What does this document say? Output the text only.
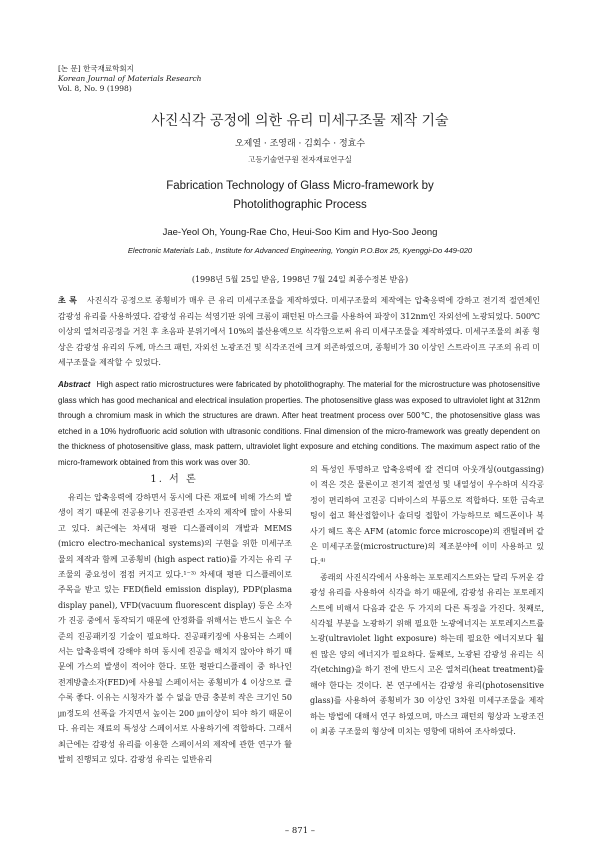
[논 문] 한국재료학회지
Korean Journal of Materials Research
Vol. 8, No. 9 (1998)
사진식각 공정에 의한 유리 미세구조물 제작 기술
오제열 · 조영래 · 김회수 · 정효수
고등기술연구원 전자재료연구실
Fabrication Technology of Glass Micro-framework by
Photolithographic Process
Jae-Yeol Oh, Young-Rae Cho, Heui-Soo Kim and Hyo-Soo Jeong
Electronic Materials Lab., Institute for Advanced Engineering, Yongin P.O.Box 25, Kyenggi-Do 449-020
(1998년 5월 25일 받음, 1998년 7월 24일 최종수정본 받음)
초 록 사진식각 공정으로 종횡비가 매우 큰 유리 미세구조물을 제작하였다. 미세구조물의 제작에는 압축응력에 강하고 전기적 절연체인 감광성 유리를 사용하였다. 감광성 유리는 석영기판 위에 크롬이 패턴된 마스크를 사용하여 파장이 312nm인 자외선에 노광되었다. 500℃ 이상의 열처리공정을 거친 후 초음파 분위기에서 10%의 불산용액으로 식각함으로써 유리 미세구조물을 제작하였다. 미세구조물의 최종 형상은 감광성 유리의 두께, 마스크 패턴, 자외선 노광조건 및 식각조건에 크게 의존하였으며, 종횡비가 30 이상인 스트라이프 구조의 유리 미세구조물을 제작할 수 있었다.
Abstract High aspect ratio microstructures were fabricated by photolithography. The material for the microstructure was photosensitive glass which has good mechanical and electrical insulation properties. The photosensitive glass was exposed to ultraviolet light at 312nm through a chromium mask in which the structures are drawn. After heat treatment process over 500℃, the photosensitive glass was etched in a 10% hydrofluoric acid solution with ultrasonic conditions. Final dimension of the micro-framework was greatly dependent on the thickness of photosensitive glass, mask pattern, ultraviolet light exposure and etching conditions. The maximum aspect ratio of the micro-framework obtained from this work was over 30.
1. 서 론

유리는 압축응력에 강하면서 동시에 다른 재료에 비해 가스의 발생이 적기 때문에 진공용기나 진공관련 소자의 제작에 많이 사용되고 있다. 최근에는 차세대 평판 디스플레이의 개발과 MEMS (micro electro-mechanical systems)의 구현을 위한 미세구조물의 제작과 함께 고종횡비 (high aspect ratio)를 가지는 유리 구조물의 중요성이 점점 커지고 있다.¹⁻³⁾ 차세대 평판 디스플레이로 주목을 받고 있는 FED(field emission display), PDP(plasma display panel), VFD(vacuum fluorescent display) 등은 소자가 진공 중에서 동작되기 때문에 안정화를 위해서는 반드시 높은 수준의 진공패키징 기술이 필요하다. 진공패키징에 사용되는 스페이서는 압축응력에 강해야 하며 동시에 진공을 해치지 않아야 하기 때문에 가스의 발생이 적어야 한다. 또한 평판디스플레이 중 하나인 전계방출소자(FED)에 사용될 스페이서는 종횡비가 4 이상으로 클수록 좋다. 이유는 시청자가 볼 수 없을 만큼 충분히 작은 크기인 50 ㎛정도의 선폭을 가지면서 높이는 200 ㎛이상이 되야 하기 때문이다. 유리는 재료의 특성상 스페이서로 사용하기에 적합하다. 그래서 최근에는 감광성 유리를 이용한 스페이서의 제작에 관한 연구가 활발히 진행되고 있다. 감광성 유리는 일반유리

의 특성인 투명하고 압축응력에 잘 견디며 아웃개싱(outgassing)이 적은 것은 물론이고 전기적 절연성 및 내열성이 우수하며 식각공정이 편리하여 고진공 디바이스의 부품으로 적합하다. 또한 금속코팅이 쉽고 확산접합이나 솔더링 접합이 가능하므로 헤드폰이나 복사기 헤드 혹은 AFM (atomic force microscope)의 캔틸레버 같은 미세구조물(microstructure)의 제조분야에 이미 사용하고 있다.⁴⁾

종래의 사진식각에서 사용하는 포토레지스트와는 달리 두꺼운 감광성 유리를 사용하여 식각을 하기 때문에, 감광성 유리는 포토레지스트에 비해서 다음과 같은 두 가지의 다른 특징을 가진다. 첫째로, 식각될 부분을 노광하기 위해 필요한 노광에너지는 포토레지스트를 노광(ultraviolet light exposure) 하는데 필요한 에너지보다 훨씬 많은 양의 에너지가 필요하다. 둘째로, 노광된 감광성 유리는 식각(etching)을 하기 전에 반드시 고온 열처리(heat treatment)를 해야 한다는 것이다. 본 연구에서는 감광성 유리(photosensitive glass)를 사용하여 종횡비가 30 이상인 3차원 미세구조물을 제작하는 방법에 대해서 연구 하였으며, 마스크 패턴의 형상과 노광조건이 최종 구조물의 형상에 미치는 영향에 대하여 조사하였다.

– 871 –
